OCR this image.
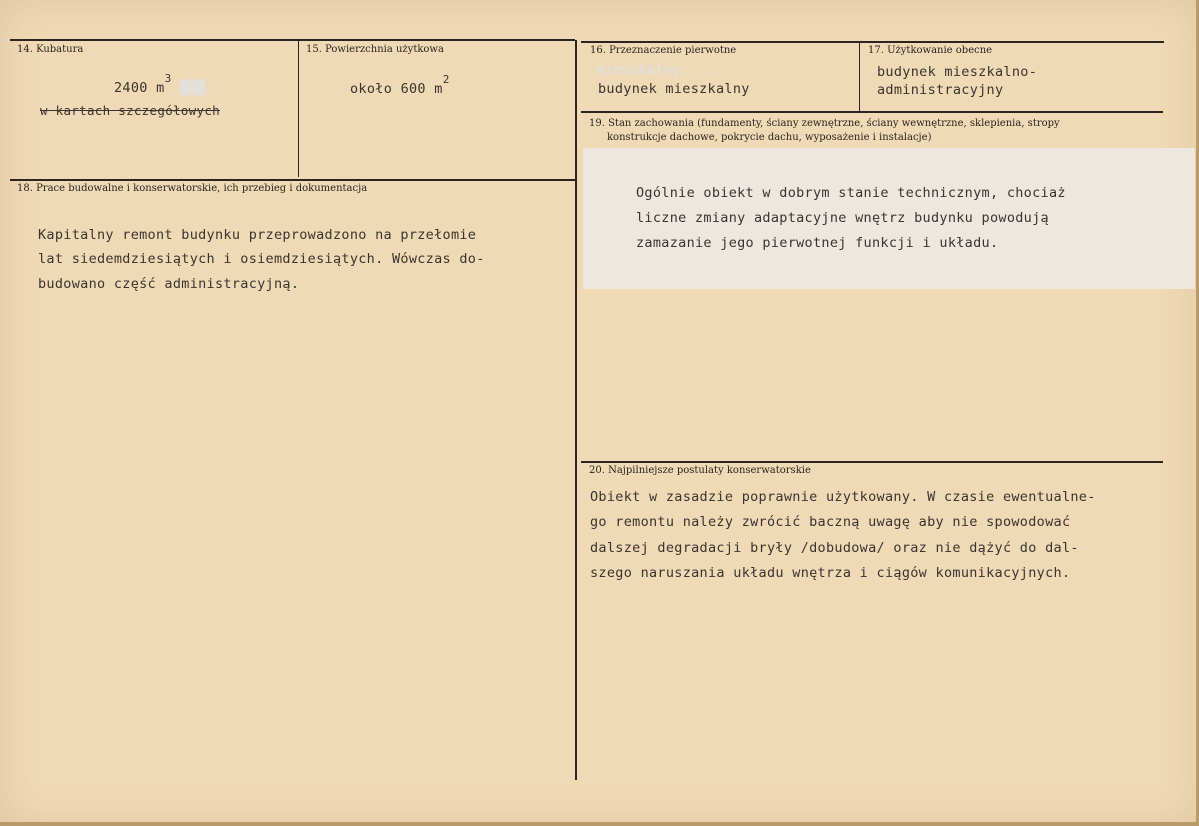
14. Kubatura
2400 $m^3$ ▓▓▓ ·
w kartach szczegółowych
15. Powierzchnia użytkowa
około 600 $m^2$
16. Przeznaczenie pierwotne
mieszkalny, ...
budynek mieszkalny
17. Użytkowanie obecne
budynek mieszkalno-
administracyjny
18. Prace budowalne i konserwatorskie, ich przebieg i dokumentacja
Kapitalny remont budynku przeprowadzono na przełomie
lat siedemdziesiątych i osiemdziesiątych. Wówczas do-
budowano część administracyjną.
19. Stan zachowania (fundamenty, ściany zewnętrzne, ściany wewnętrzne, sklepienia, stropy
konstrukcje dachowe, pokrycie dachu, wyposażenie i instalacje)
Ogólnie obiekt w dobrym stanie technicznym, chociaż
liczne zmiany adaptacyjne wnętrz budynku powodują
zamazanie jego pierwotnej funkcji i układu.
20. Najpilniejsze postulaty konserwatorskie
Obiekt w zasadzie poprawnie użytkowany. W czasie ewentualne-
go remontu należy zwrócić baczną uwagę aby nie spowodować
dalszej degradacji bryły /dobudowa/ oraz nie dążyć do dal-
szego naruszania układu wnętrza i ciągów komunikacyjnych.
